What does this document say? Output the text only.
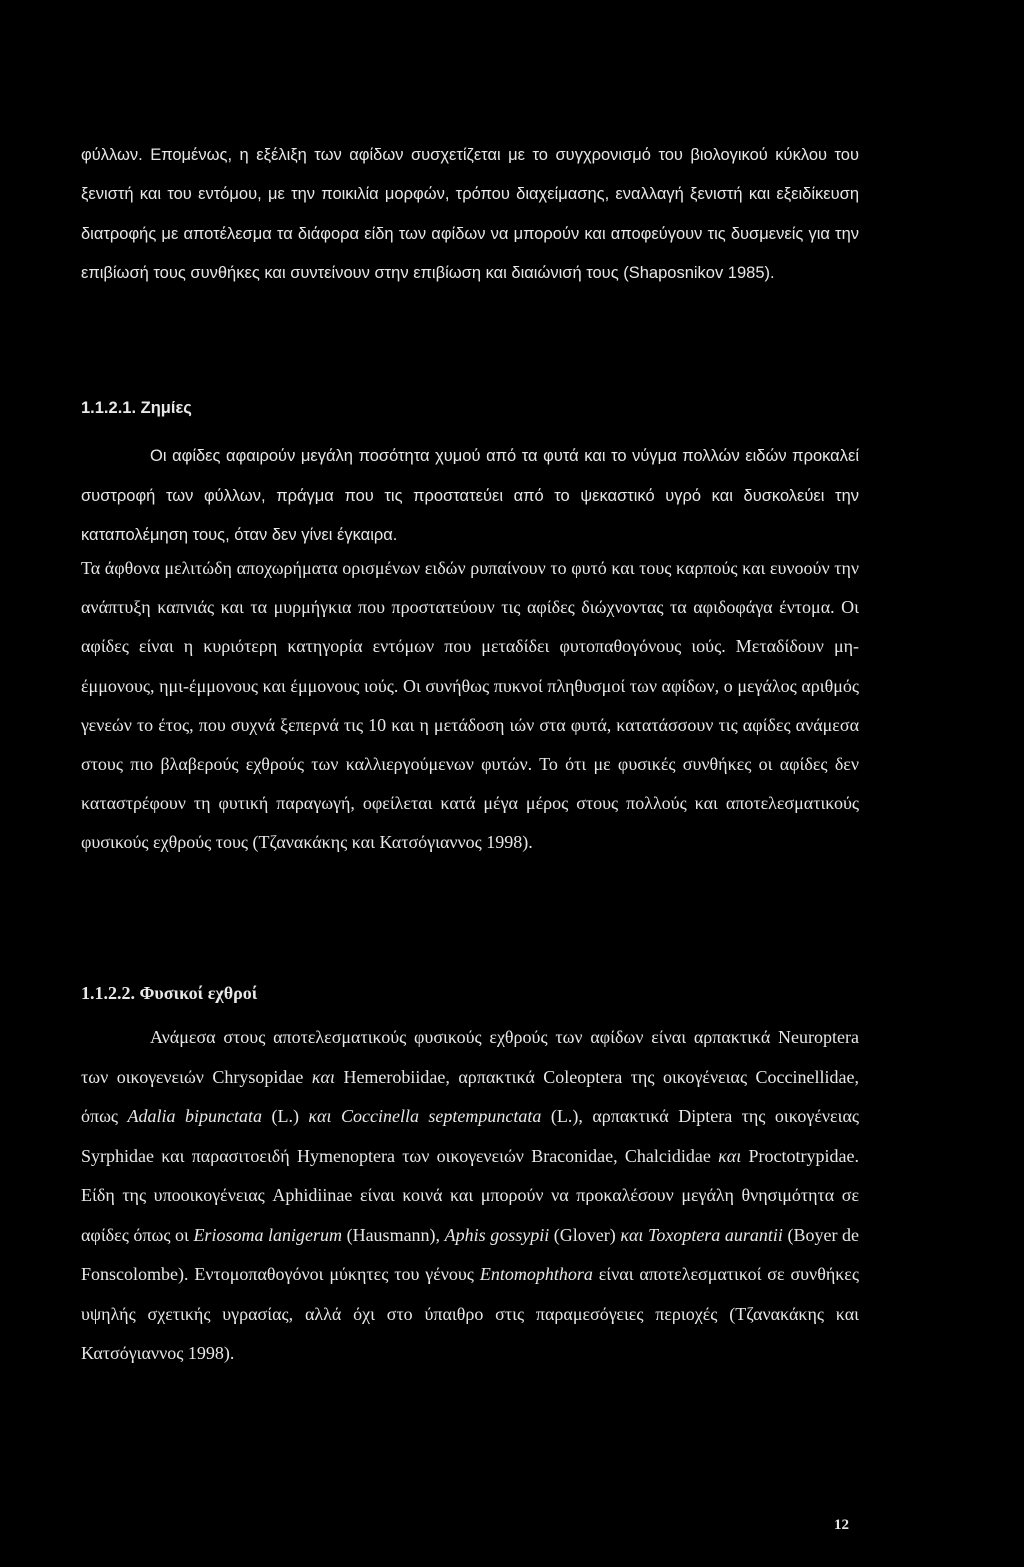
φύλλων. Επομένως, η εξέλιξη των αφίδων συσχετίζεται με το συγχρονισμό του βιολογικού κύκλου του ξενιστή και του εντόμου, με την ποικιλία μορφών, τρόπου διαχείμασης, εναλλαγή ξενιστή και εξειδίκευση διατροφής με αποτέλεσμα τα διάφορα είδη των αφίδων να μπορούν και αποφεύγουν τις δυσμενείς για την επιβίωσή τους συνθήκες και συντείνουν στην επιβίωση και διαιώνισή τους (Shaposnikov 1985).

1.1.2.1. Ζημίες

Οι αφίδες αφαιρούν μεγάλη ποσότητα χυμού από τα φυτά και το νύγμα πολλών ειδών προκαλεί συστροφή των φύλλων, πράγμα που τις προστατεύει από το ψεκαστικό υγρό και δυσκολεύει την καταπολέμηση τους, όταν δεν γίνει έγκαιρα.

Τα άφθονα μελιτώδη αποχωρήματα ορισμένων ειδών ρυπαίνουν το φυτό και τους καρπούς και ευνοούν την ανάπτυξη καπνιάς και τα μυρμήγκια που προστατεύουν τις αφίδες διώχνοντας τα αφιδοφάγα έντομα. Οι αφίδες είναι η κυριότερη κατηγορία εντόμων που μεταδίδει φυτοπαθογόνους ιούς. Μεταδίδουν μη-έμμονους, ημι-έμμονους και έμμονους ιούς. Οι συνήθως πυκνοί πληθυσμοί των αφίδων, ο μεγάλος αριθμός γενεών το έτος, που συχνά ξεπερνά τις 10 και η μετάδοση ιών στα φυτά, κατατάσσουν τις αφίδες ανάμεσα στους πιο βλαβερούς εχθρούς των καλλιεργούμενων φυτών. Το ότι με φυσικές συνθήκες οι αφίδες δεν καταστρέφουν τη φυτική παραγωγή, οφείλεται κατά μέγα μέρος στους πολλούς και αποτελεσματικούς φυσικούς εχθρούς τους (Τζανακάκης και Κατσόγιαννος 1998).

1.1.2.2. Φυσικοί εχθροί

Ανάμεσα στους αποτελεσματικούς φυσικούς εχθρούς των αφίδων είναι αρπακτικά Neuroptera των οικογενειών Chrysopidae και Hemerobiidae, αρπακτικά Coleoptera της οικογένειας Coccinellidae, όπως Adalia bipunctata (L.) και Coccinella septempunctata (L.), αρπακτικά Diptera της οικογένειας Syrphidae και παρασιτοειδή Hymenoptera των οικογενειών Braconidae, Chalcididae και Proctotrypidae. Είδη της υποοικογένειας Aphidiinae είναι κοινά και μπορούν να προκαλέσουν μεγάλη θνησιμότητα σε αφίδες όπως οι Eriosoma lanigerum (Hausmann), Aphis gossypii (Glover) και Toxoptera aurantii (Boyer de Fonscolombe). Εντομοπαθογόνοι μύκητες του γένους Entomophthora είναι αποτελεσματικοί σε συνθήκες υψηλής σχετικής υγρασίας, αλλά όχι στο ύπαιθρο στις παραμεσόγειες περιοχές (Τζανακάκης και Κατσόγιαννος 1998).

12
